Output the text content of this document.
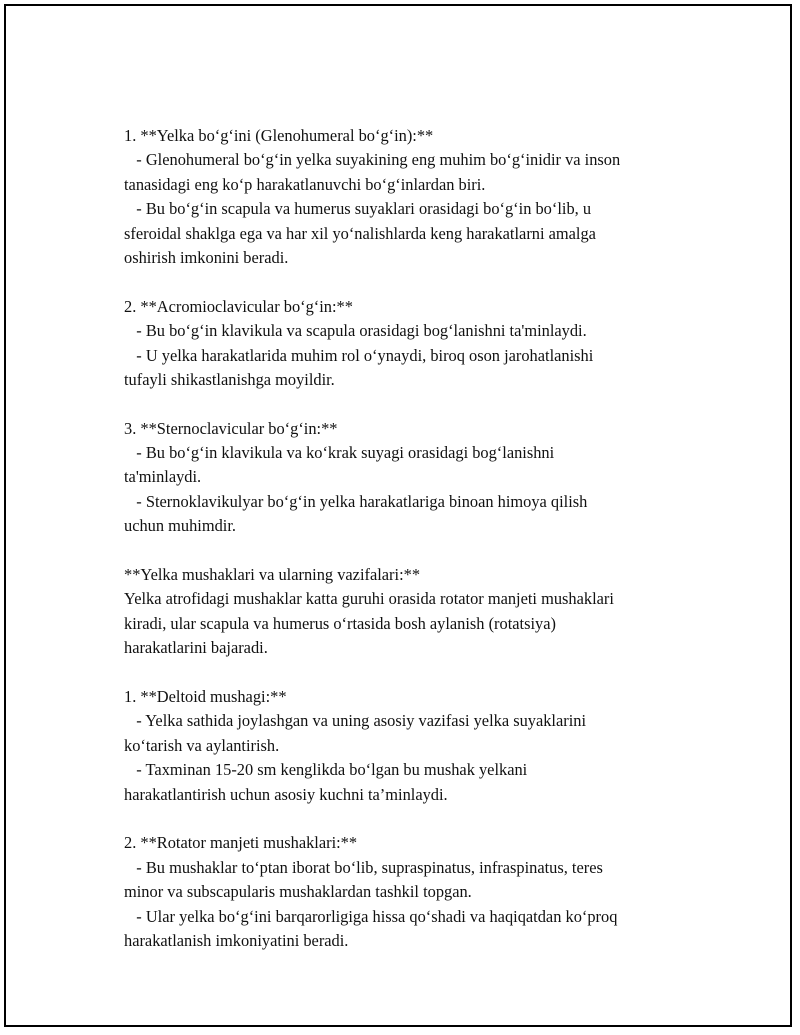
1. **Yelka bo‘g‘ini (Glenohumeral bo‘g‘in):**
- Glenohumeral bo‘g‘in yelka suyakining eng muhim bo‘g‘inidir va inson
tanasidagi eng ko‘p harakatlanuvchi bo‘g‘inlardan biri.
- Bu bo‘g‘in scapula va humerus suyaklari orasidagi bo‘g‘in bo‘lib, u
sferoidal shaklga ega va har xil yo‘nalishlarda keng harakatlarni amalga
oshirish imkonini beradi.
2. **Acromioclavicular bo‘g‘in:**
- Bu bo‘g‘in klavikula va scapula orasidagi bog‘lanishni ta'minlaydi.
- U yelka harakatlarida muhim rol o‘ynaydi, biroq oson jarohatlanishi
tufayli shikastlanishga moyildir.
3. **Sternoclavicular bo‘g‘in:**
- Bu bo‘g‘in klavikula va ko‘krak suyagi orasidagi bog‘lanishni
ta'minlaydi.
- Sternoklavikulyar bo‘g‘in yelka harakatlariga binoan himoya qilish
uchun muhimdir.
**Yelka mushaklari va ularning vazifalari:**
Yelka atrofidagi mushaklar katta guruhi orasida rotator manjeti mushaklari
kiradi, ular scapula va humerus o‘rtasida bosh aylanish (rotatsiya)
harakatlarini bajaradi.
1. **Deltoid mushagi:**
- Yelka sathida joylashgan va uning asosiy vazifasi yelka suyaklarini
ko‘tarish va aylantirish.
- Taxminan 15-20 sm kenglikda bo‘lgan bu mushak yelkani
harakatlantirish uchun asosiy kuchni ta’minlaydi.
2. **Rotator manjeti mushaklari:**
- Bu mushaklar to‘ptan iborat bo‘lib, supraspinatus, infraspinatus, teres
minor va subscapularis mushaklardan tashkil topgan.
- Ular yelka bo‘g‘ini barqarorligiga hissa qo‘shadi va haqiqatdan ko‘proq
harakatlanish imkoniyatini beradi.
